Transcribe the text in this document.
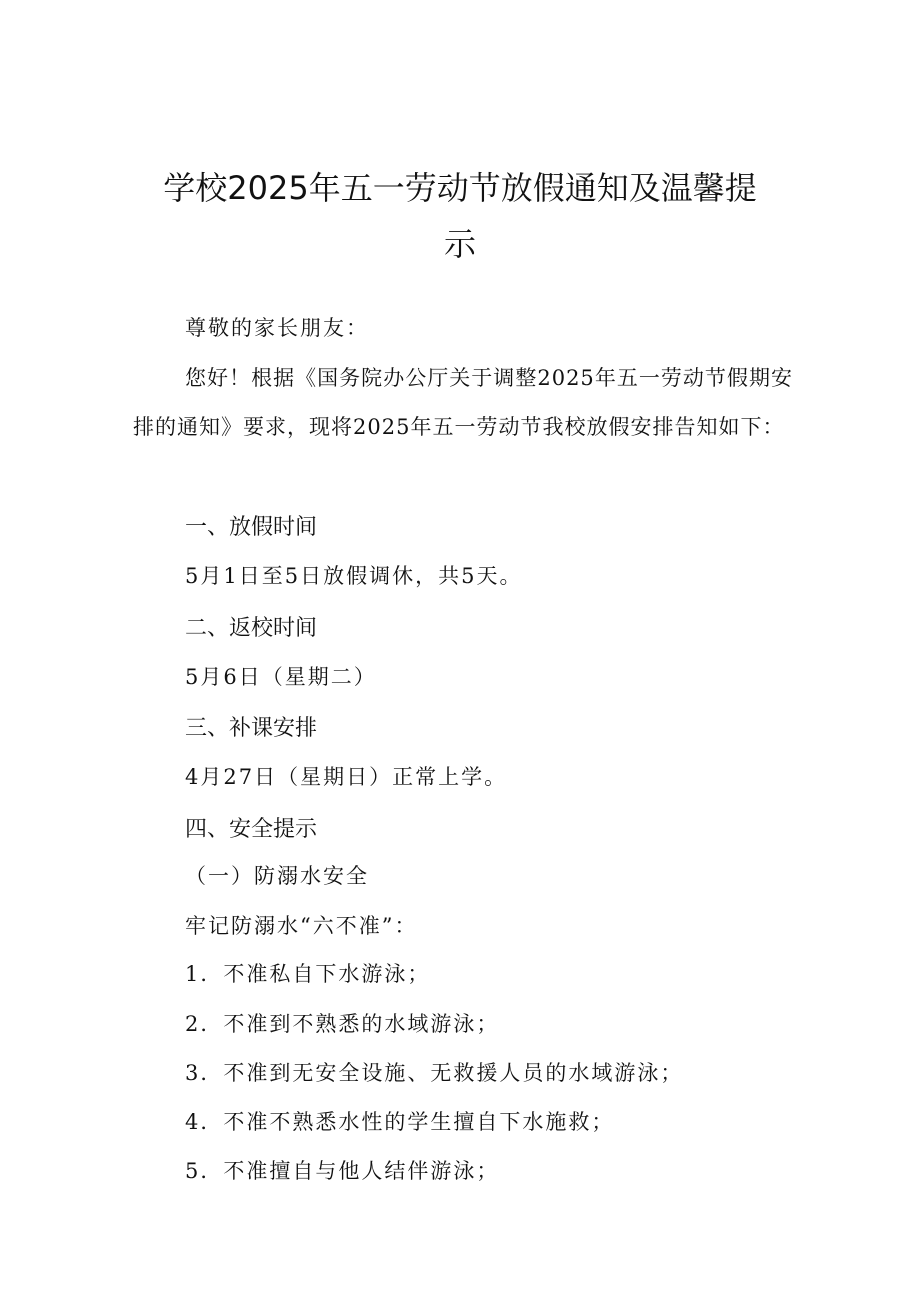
学校2025年五一劳动节放假通知及温馨提示

尊敬的家长朋友：

您好！根据《国务院办公厅关于调整2025年五一劳动节假期安排的通知》要求，现将2025年五一劳动节我校放假安排告知如下：

一、放假时间

5月1日至5日放假调休，共5天。

二、返校时间

5月6日（星期二）

三、补课安排

4月27日（星期日）正常上学。

四、安全提示

（一）防溺水安全

牢记防溺水“六不准”：

1．不准私自下水游泳；

2．不准到不熟悉的水域游泳；

3．不准到无安全设施、无救援人员的水域游泳；

4．不准不熟悉水性的学生擅自下水施救；

5．不准擅自与他人结伴游泳；
